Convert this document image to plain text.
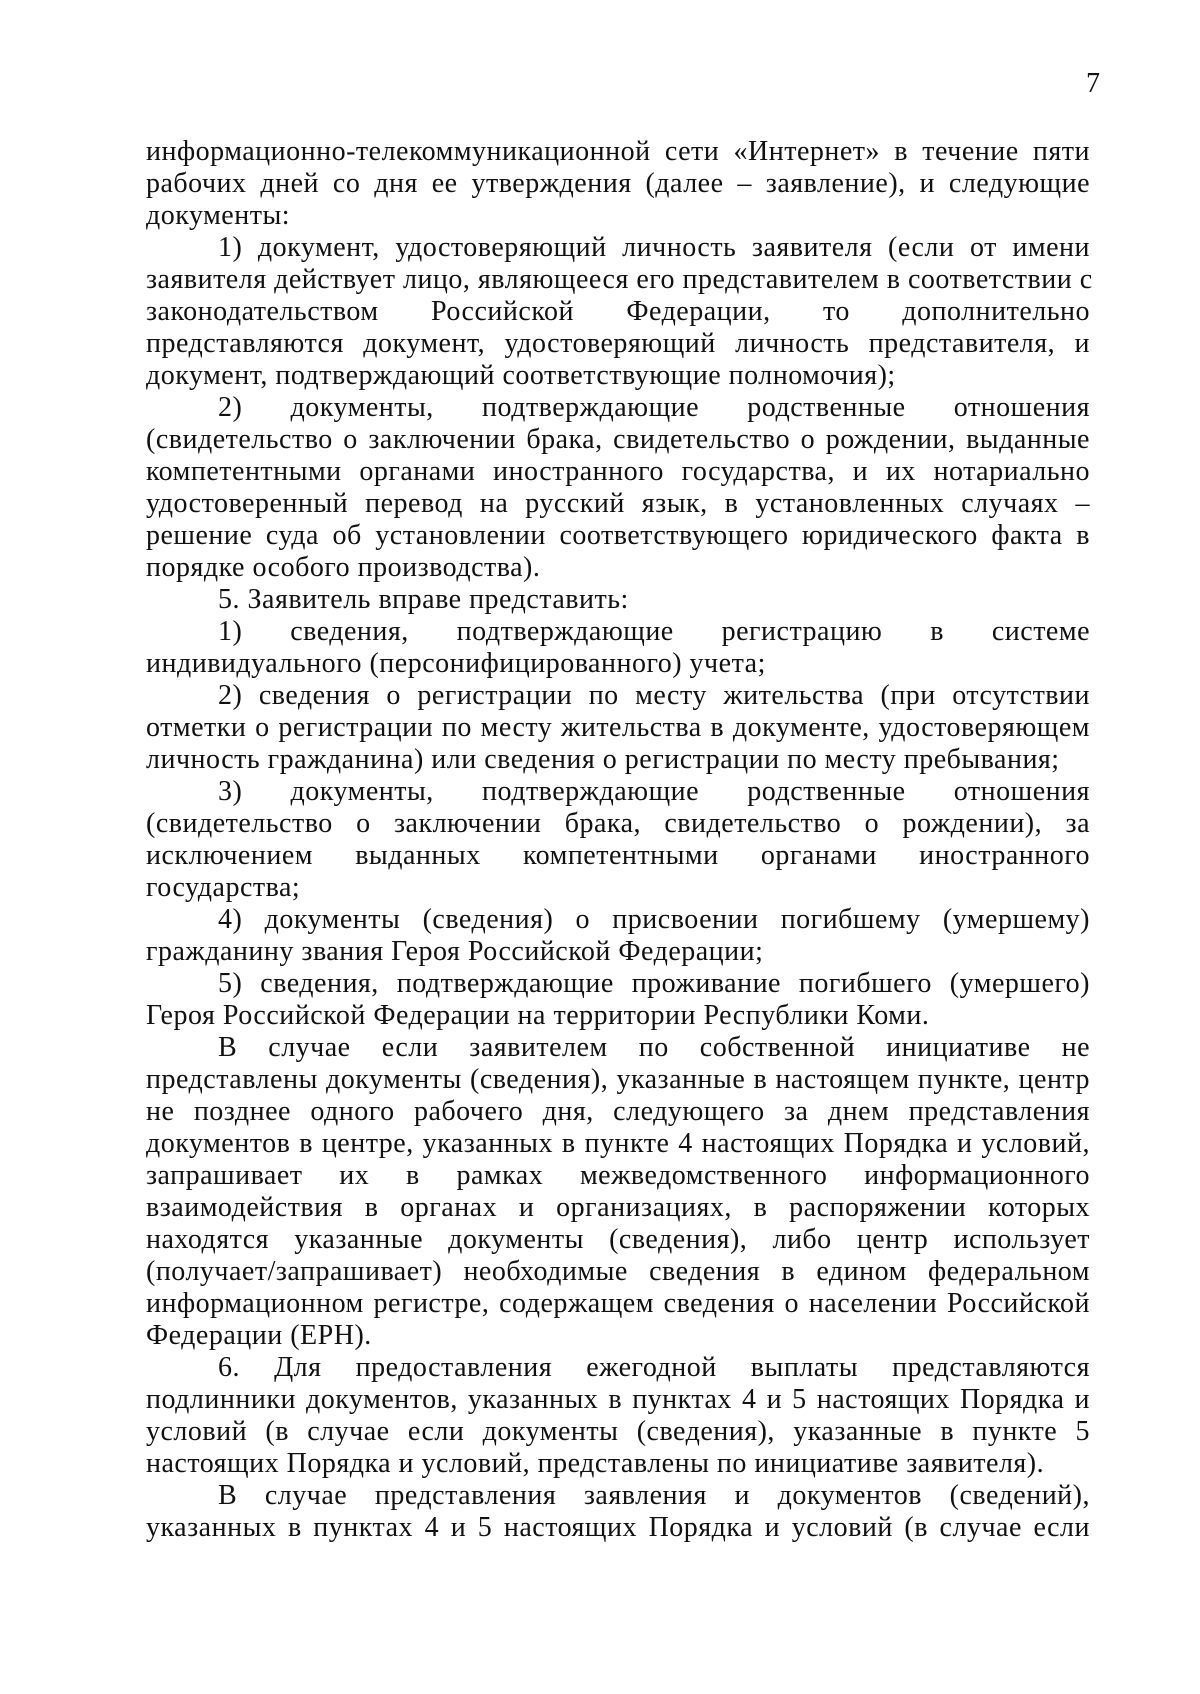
7
информационно-телекоммуникационной сети «Интернет» в течение пяти
рабочих дней со дня ее утверждения (далее – заявление), и следующие
документы:
1) документ, удостоверяющий личность заявителя (если от имени
заявителя действует лицо, являющееся его представителем в соответствии с
законодательством Российской Федерации, то дополнительно
представляются документ, удостоверяющий личность представителя, и
документ, подтверждающий соответствующие полномочия);
2) документы, подтверждающие родственные отношения
(свидетельство о заключении брака, свидетельство о рождении, выданные
компетентными органами иностранного государства, и их нотариально
удостоверенный перевод на русский язык, в установленных случаях –
решение суда об установлении соответствующего юридического факта в
порядке особого производства).
5. Заявитель вправе представить:
1) сведения, подтверждающие регистрацию в системе
индивидуального (персонифицированного) учета;
2) сведения о регистрации по месту жительства (при отсутствии
отметки о регистрации по месту жительства в документе, удостоверяющем
личность гражданина) или сведения о регистрации по месту пребывания;
3) документы, подтверждающие родственные отношения
(свидетельство о заключении брака, свидетельство о рождении), за
исключением выданных компетентными органами иностранного
государства;
4) документы (сведения) о присвоении погибшему (умершему)
гражданину звания Героя Российской Федерации;
5) сведения, подтверждающие проживание погибшего (умершего)
Героя Российской Федерации на территории Республики Коми.
В случае если заявителем по собственной инициативе не
представлены документы (сведения), указанные в настоящем пункте, центр
не позднее одного рабочего дня, следующего за днем представления
документов в центре, указанных в пункте 4 настоящих Порядка и условий,
запрашивает их в рамках межведомственного информационного
взаимодействия в органах и организациях, в распоряжении которых
находятся указанные документы (сведения), либо центр использует
(получает/запрашивает) необходимые сведения в едином федеральном
информационном регистре, содержащем сведения о населении Российской
Федерации (ЕРН).
6. Для предоставления ежегодной выплаты представляются
подлинники документов, указанных в пунктах 4 и 5 настоящих Порядка и
условий (в случае если документы (сведения), указанные в пункте 5
настоящих Порядка и условий, представлены по инициативе заявителя).
В случае представления заявления и документов (сведений),
указанных в пунктах 4 и 5 настоящих Порядка и условий (в случае если
